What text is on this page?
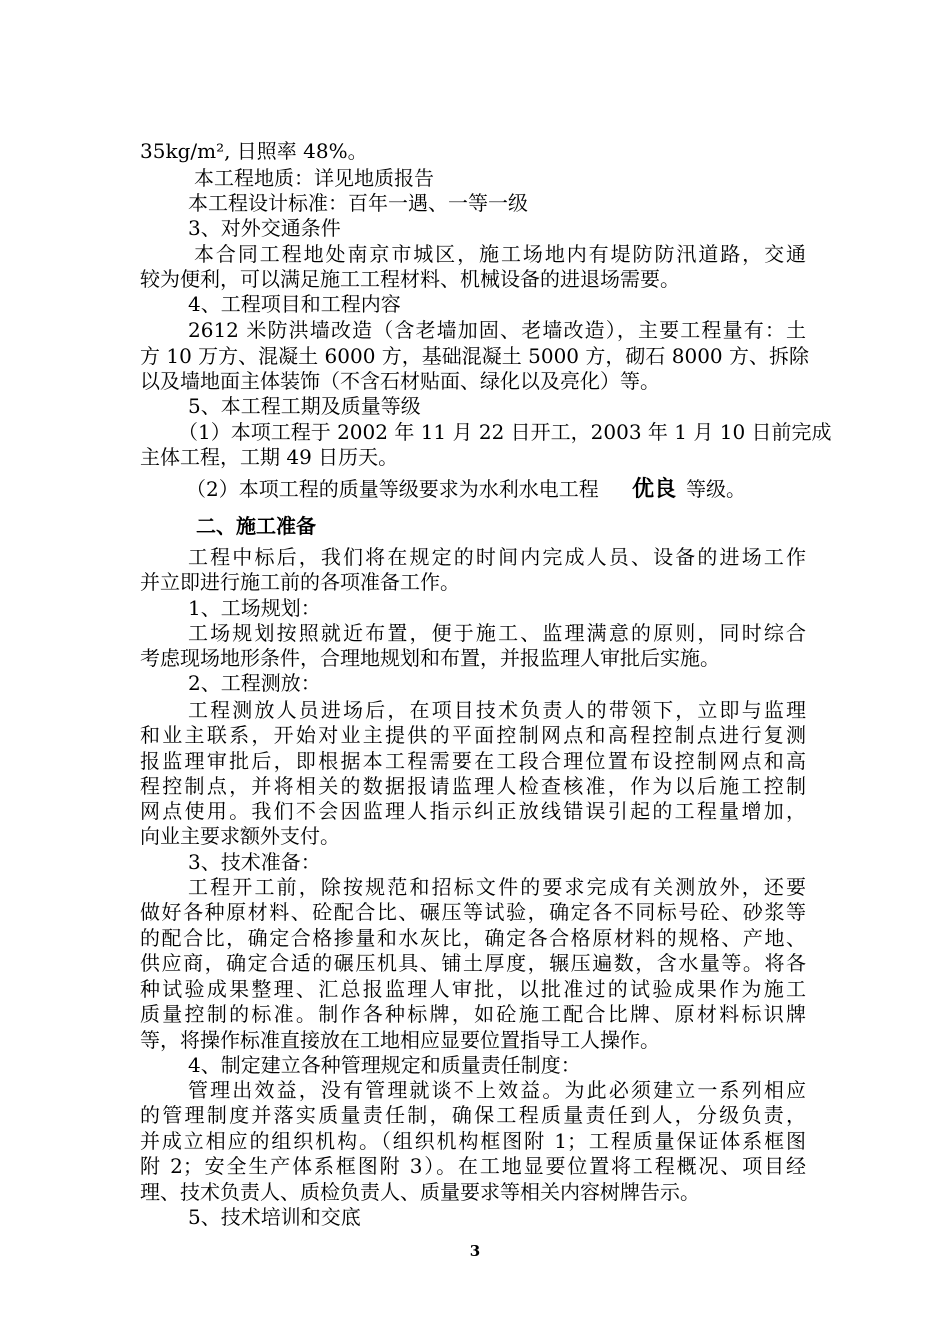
35kg/m², 日照率 48%。
本工程地质：详见地质报告
本工程设计标准：百年一遇、一等一级
3、对外交通条件
本合同工程地处南京市城区，施工场地内有堤防防汛道路，交通
较为便利，可以满足施工工程材料、机械设备的进退场需要。
4、工程项目和工程内容
2612 米防洪墙改造（含老墙加固、老墙改造），主要工程量有：土
方 10 万方、混凝土 6000 方，基础混凝土 5000 方，砌石 8000 方、拆除
以及墙地面主体装饰（不含石材贴面、绿化以及亮化）等。
5、本工程工期及质量等级
（1）本项工程于 2002 年 11 月 22 日开工，2003 年 1 月 10 日前完成
主体工程，工期 49 日历天。
（2）本项工程的质量等级要求为水利水电工程 优良 等级。
二、施工准备
工程中标后，我们将在规定的时间内完成人员、设备的进场工作
并立即进行施工前的各项准备工作。
1、工场规划：
工场规划按照就近布置，便于施工、监理满意的原则，同时综合
考虑现场地形条件，合理地规划和布置，并报监理人审批后实施。
2、工程测放：
工程测放人员进场后，在项目技术负责人的带领下，立即与监理
和业主联系，开始对业主提供的平面控制网点和高程控制点进行复测
报监理审批后，即根据本工程需要在工段合理位置布设控制网点和高
程控制点，并将相关的数据报请监理人检查核准，作为以后施工控制
网点使用。我们不会因监理人指示纠正放线错误引起的工程量增加，
向业主要求额外支付。
3、技术准备：
工程开工前，除按规范和招标文件的要求完成有关测放外，还要
做好各种原材料、砼配合比、碾压等试验，确定各不同标号砼、砂浆等
的配合比，确定合格掺量和水灰比，确定各合格原材料的规格、产地、
供应商，确定合适的碾压机具、铺土厚度，辗压遍数，含水量等。将各
种试验成果整理、汇总报监理人审批，以批准过的试验成果作为施工
质量控制的标准。制作各种标牌，如砼施工配合比牌、原材料标识牌
等，将操作标准直接放在工地相应显要位置指导工人操作。
4、制定建立各种管理规定和质量责任制度：
管理出效益，没有管理就谈不上效益。为此必须建立一系列相应
的管理制度并落实质量责任制，确保工程质量责任到人，分级负责，
并成立相应的组织机构。（组织机构框图附 1；工程质量保证体系框图
附 2；安全生产体系框图附 3）。在工地显要位置将工程概况、项目经
理、技术负责人、质检负责人、质量要求等相关内容树牌告示。
5、技术培训和交底
3
